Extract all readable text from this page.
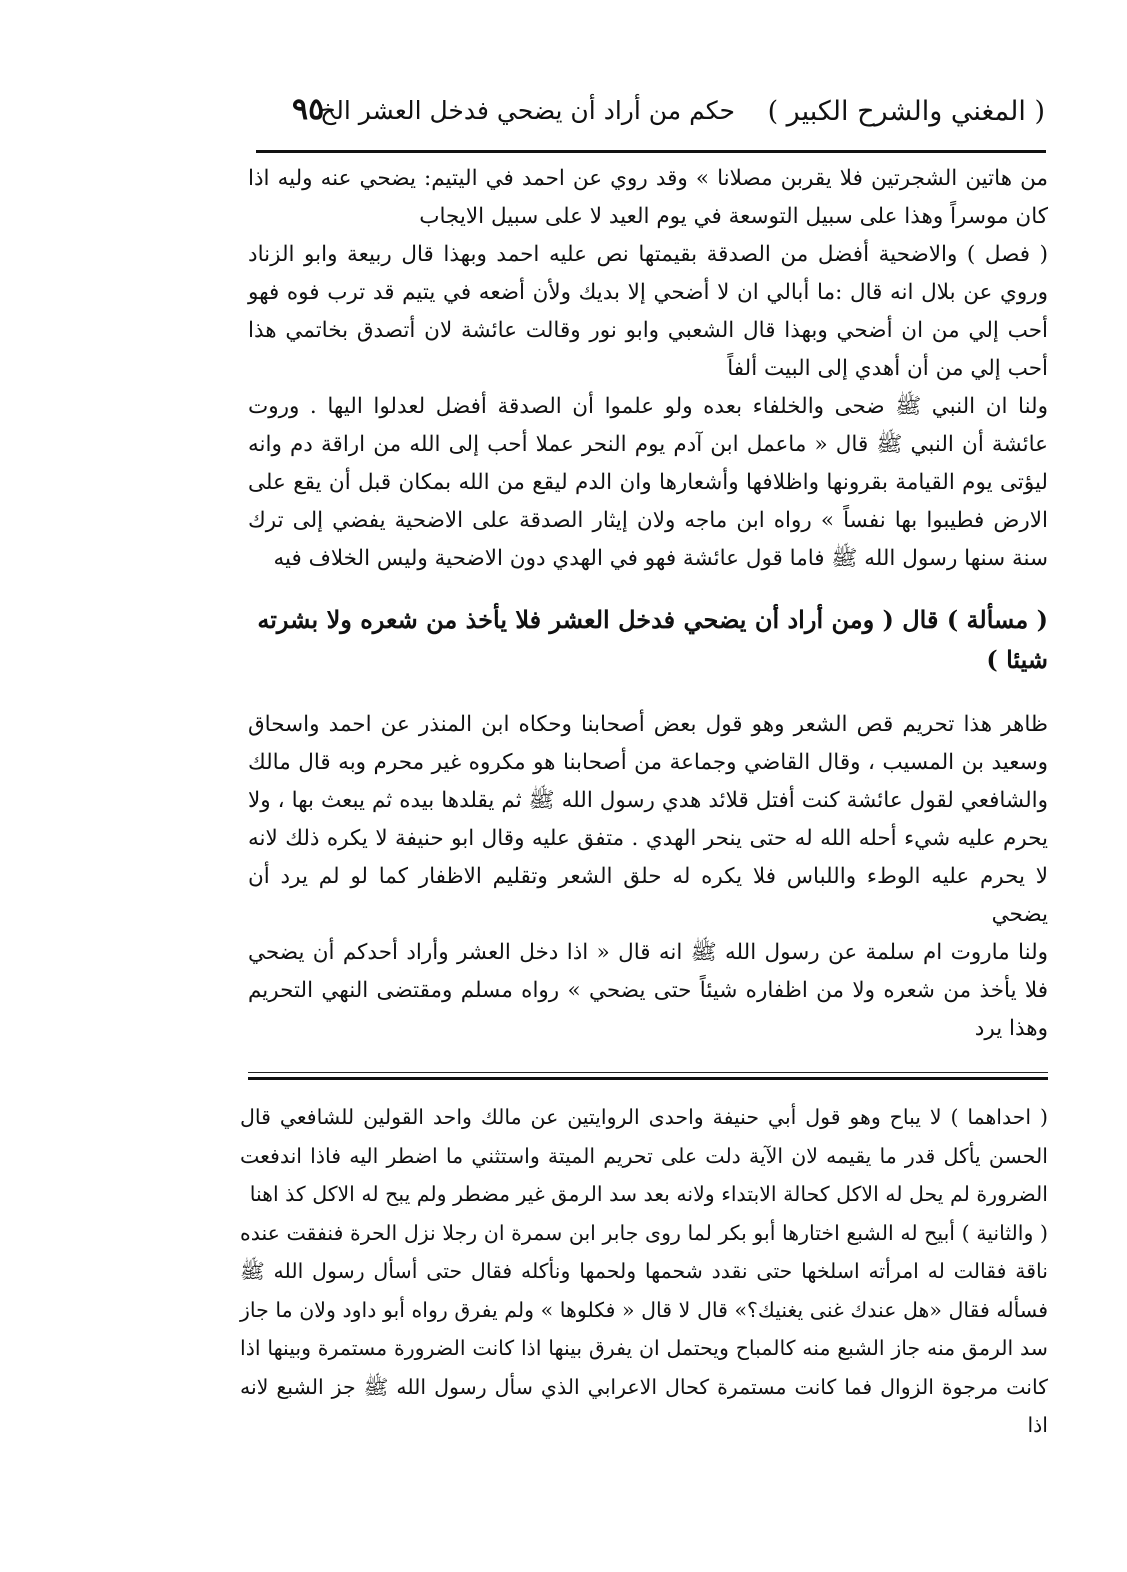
( المغني والشرح الكبير )
حكم من أراد أن يضحي فدخل العشر الخ
٩٥

من هاتين الشجرتين فلا يقربن مصلانا » وقد روي عن احمد في اليتيم: يضحي عنه وليه اذا كان موسراً وهذا على سبيل التوسعة في يوم العيد لا على سبيل الايجاب

( فصل ) والاضحية أفضل من الصدقة بقيمتها نص عليه احمد وبهذا قال ربيعة وابو الزناد وروي عن بلال انه قال :ما أبالي ان لا أضحي إلا بديك ولأن أضعه في يتيم قد ترب فوه فهو أحب إلي من ان أضحي وبهذا قال الشعبي وابو نور وقالت عائشة لان أتصدق بخاتمي هذا أحب إلي من أن أهدي إلى البيت ألفاً

ولنا ان النبي ﷺ ضحى والخلفاء بعده ولو علموا أن الصدقة أفضل لعدلوا اليها . وروت عائشة أن النبي ﷺ قال « ماعمل ابن آدم يوم النحر عملا أحب إلى الله من اراقة دم وانه ليؤتى يوم القيامة بقرونها واظلافها وأشعارها وان الدم ليقع من الله بمكان قبل أن يقع على الارض فطيبوا بها نفساً » رواه ابن ماجه ولان إيثار الصدقة على الاضحية يفضي إلى ترك سنة سنها رسول الله ﷺ فاما قول عائشة فهو في الهدي دون الاضحية وليس الخلاف فيه

( مسألة ) قال ( ومن أراد أن يضحي فدخل العشر فلا يأخذ من شعره ولا بشرته شيئا )

ظاهر هذا تحريم قص الشعر وهو قول بعض أصحابنا وحكاه ابن المنذر عن احمد واسحاق وسعيد بن المسيب ، وقال القاضي وجماعة من أصحابنا هو مكروه غير محرم وبه قال مالك والشافعي لقول عائشة كنت أفتل قلائد هدي رسول الله ﷺ ثم يقلدها بيده ثم يبعث بها ، ولا يحرم عليه شيء أحله الله له حتى ينحر الهدي . متفق عليه وقال ابو حنيفة لا يكره ذلك لانه لا يحرم عليه الوطء واللباس فلا يكره له حلق الشعر وتقليم الاظفار كما لو لم يرد أن يضحي

ولنا ماروت ام سلمة عن رسول الله ﷺ انه قال « اذا دخل العشر وأراد أحدكم أن يضحي فلا يأخذ من شعره ولا من اظفاره شيئاً حتى يضحي » رواه مسلم ومقتضى النهي التحريم وهذا يرد

( احداهما ) لا يباح وهو قول أبي حنيفة واحدى الروايتين عن مالك واحد القولين للشافعي قال الحسن يأكل قدر ما يقيمه لان الآية دلت على تحريم الميتة واستثني ما اضطر اليه فاذا اندفعت الضرورة لم يحل له الاكل كحالة الابتداء ولانه بعد سد الرمق غير مضطر ولم يبح له الاكل كذ اهنا

( والثانية ) أبيح له الشبع اختارها أبو بكر لما روى جابر ابن سمرة ان رجلا نزل الحرة فنفقت عنده ناقة فقالت له امرأته اسلخها حتى نقدد شحمها ولحمها ونأكله فقال حتى أسأل رسول الله ﷺ فسأله فقال «هل عندك غنى يغنيك؟» قال لا قال « فكلوها » ولم يفرق رواه أبو داود ولان ما جاز سد الرمق منه جاز الشبع منه كالمباح ويحتمل ان يفرق بينها اذا كانت الضرورة مستمرة وبينها اذا كانت مرجوة الزوال فما كانت مستمرة كحال الاعرابي الذي سأل رسول الله ﷺ جز الشبع لانه اذا
